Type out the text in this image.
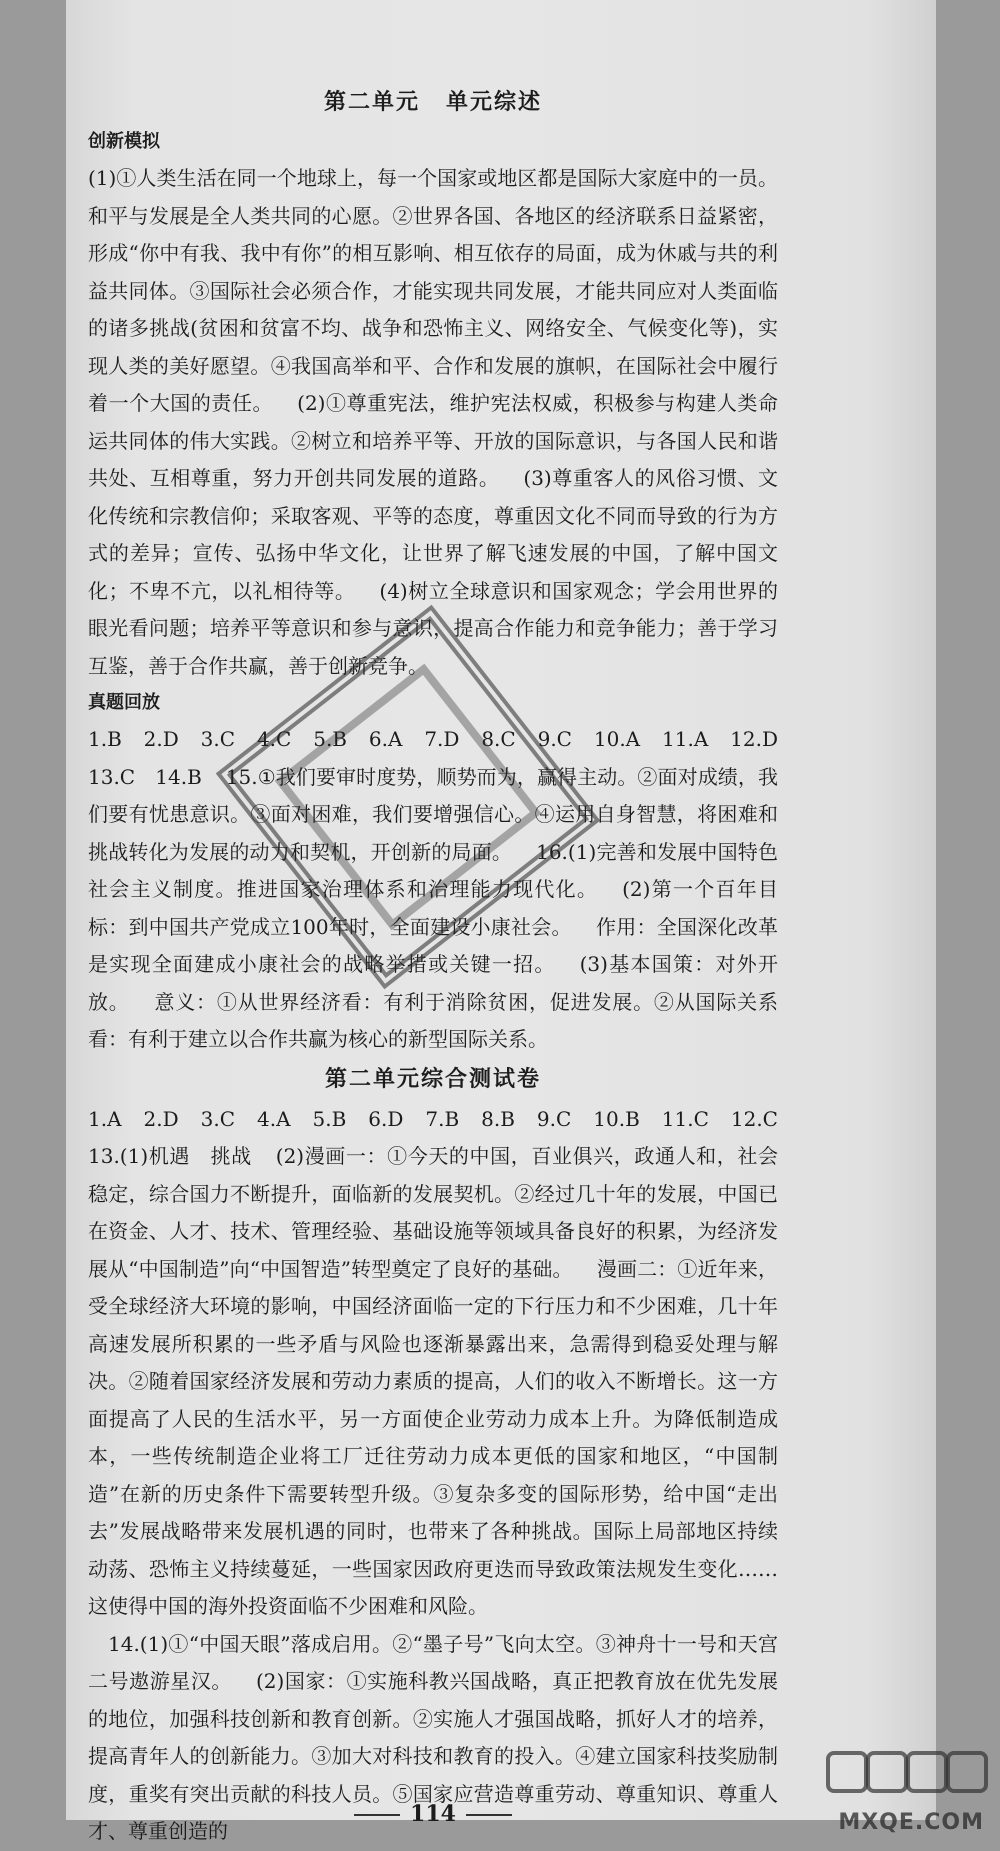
第二单元 单元综述
创新模拟

(1)①人类生活在同一个地球上，每一个国家或地区都是国际大家庭中的一员。和平与发展是全人类共同的心愿。②世界各国、各地区的经济联系日益紧密，形成“你中有我、我中有你”的相互影响、相互依存的局面，成为休戚与共的利益共同体。③国际社会必须合作，才能实现共同发展，才能共同应对人类面临的诸多挑战(贫困和贫富不均、战争和恐怖主义、网络安全、气候变化等)，实现人类的美好愿望。④我国高举和平、合作和发展的旗帜，在国际社会中履行着一个大国的责任。 (2)①尊重宪法，维护宪法权威，积极参与构建人类命运共同体的伟大实践。②树立和培养平等、开放的国际意识，与各国人民和谐共处、互相尊重，努力开创共同发展的道路。 (3)尊重客人的风俗习惯、文化传统和宗教信仰；采取客观、平等的态度，尊重因文化不同而导致的行为方式的差异；宣传、弘扬中华文化，让世界了解飞速发展的中国，了解中国文化；不卑不亢，以礼相待等。 (4)树立全球意识和国家观念；学会用世界的眼光看问题；培养平等意识和参与意识，提高合作能力和竞争能力；善于学习互鉴，善于合作共赢，善于创新竞争。

真题回放

1.B　2.D　3.C　4.C　5.B　6.A　7.D　8.C　9.C　10.A　11.A　12.D　13.C　14.B 15.①我们要审时度势，顺势而为，赢得主动。②面对成绩，我们要有忧患意识。③面对困难，我们要增强信心。④运用自身智慧，将困难和挑战转化为发展的动力和契机，开创新的局面。 16.(1)完善和发展中国特色社会主义制度。推进国家治理体系和治理能力现代化。 (2)第一个百年目标：到中国共产党成立100年时，全面建设小康社会。 作用：全国深化改革是实现全面建成小康社会的战略举措或关键一招。 (3)基本国策：对外开放。 意义：①从世界经济看：有利于消除贫困，促进发展。②从国际关系看：有利于建立以合作共赢为核心的新型国际关系。

第二单元综合测试卷

1.A　2.D　3.C　4.A　5.B　6.D　7.B　8.B　9.C　10.B　11.C　12.C 13.(1)机遇　挑战 (2)漫画一：①今天的中国，百业俱兴，政通人和，社会稳定，综合国力不断提升，面临新的发展契机。②经过几十年的发展，中国已在资金、人才、技术、管理经验、基础设施等领域具备良好的积累，为经济发展从“中国制造”向“中国智造”转型奠定了良好的基础。 漫画二：①近年来，受全球经济大环境的影响，中国经济面临一定的下行压力和不少困难，几十年高速发展所积累的一些矛盾与风险也逐渐暴露出来，急需得到稳妥处理与解决。②随着国家经济发展和劳动力素质的提高，人们的收入不断增长。这一方面提高了人民的生活水平，另一方面使企业劳动力成本上升。为降低制造成本，一些传统制造企业将工厂迁往劳动力成本更低的国家和地区，“中国制造”在新的历史条件下需要转型升级。③复杂多变的国际形势，给中国“走出去”发展战略带来发展机遇的同时，也带来了各种挑战。国际上局部地区持续动荡、恐怖主义持续蔓延，一些国家因政府更迭而导致政策法规发生变化……这使得中国的海外投资面临不少困难和风险。

14.(1)①“中国天眼”落成启用。②“墨子号”飞向太空。③神舟十一号和天宫二号遨游星汉。 (2)国家：①实施科教兴国战略，真正把教育放在优先发展的地位，加强科技创新和教育创新。②实施人才强国战略，抓好人才的培养，提高青年人的创新能力。③加大对科技和教育的投入。④建立国家科技奖励制度，重奖有突出贡献的科技人员。⑤国家应营造尊重劳动、尊重知识、尊重人才、尊重创造的

114	MXQE.COM
